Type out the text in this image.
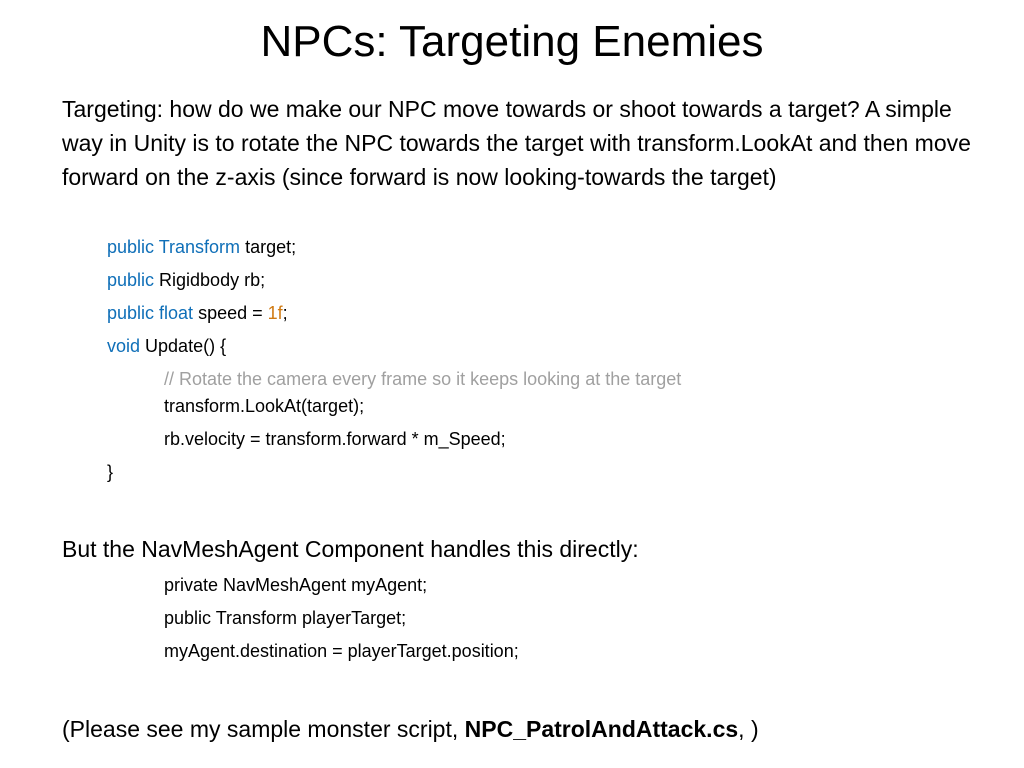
NPCs: Targeting Enemies
Targeting: how do we make our NPC move towards or shoot towards a target? A simple way in Unity is to rotate the NPC towards the target with transform.LookAt and then move forward on the z-axis (since forward is now looking-towards the target)
public Transform target;
public Rigidbody rb;
public float speed = 1f;
void Update() {
// Rotate the camera every frame so it keeps looking at the target
transform.LookAt(target);
rb.velocity = transform.forward * m_Speed;
}
But the NavMeshAgent Component handles this directly:
private NavMeshAgent myAgent;
public Transform playerTarget;
myAgent.destination = playerTarget.position;
(Please see my sample monster script, NPC_PatrolAndAttack.cs, )
